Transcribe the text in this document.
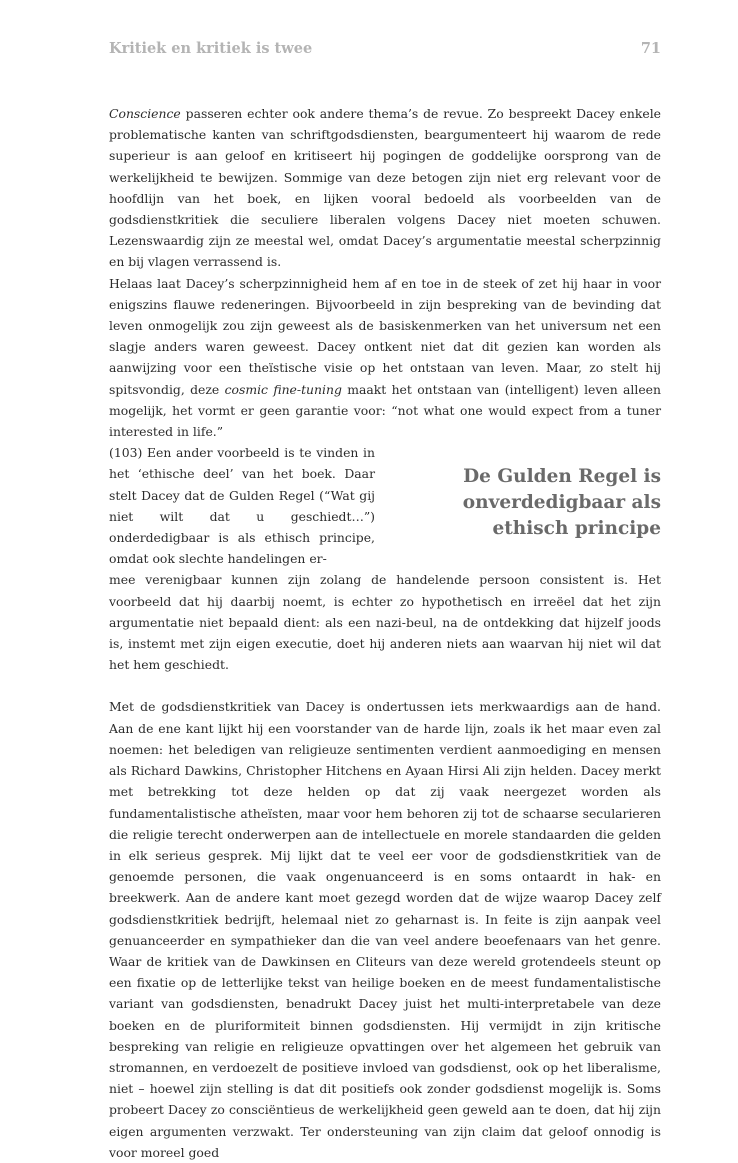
Kritiek en kritiek is twee	71

Conscience passeren echter ook andere thema’s de revue. Zo bespreekt Dacey enkele problematische kanten van schriftgodsdiensten, beargumenteert hij waarom de rede superieur is aan geloof en kritiseert hij pogingen de goddelijke oorsprong van de werkelijkheid te bewijzen. Sommige van deze betogen zijn niet erg relevant voor de hoofdlijn van het boek, en lijken vooral bedoeld als voorbeelden van de godsdienstkritiek die seculiere liberalen volgens Dacey niet moeten schuwen. Lezenswaardig zijn ze meestal wel, omdat Dacey’s argumentatie meestal scherpzinnig en bij vlagen verrassend is.

Helaas laat Dacey’s scherpzinnigheid hem af en toe in de steek of zet hij haar in voor enigszins flauwe redeneringen. Bijvoorbeeld in zijn bespreking van de bevinding dat leven onmogelijk zou zijn geweest als de basiskenmerken van het universum net een slagje anders waren geweest. Dacey ontkent niet dat dit gezien kan worden als aanwijzing voor een theïstische visie op het ontstaan van leven. Maar, zo stelt hij spitsvondig, deze cosmic fine-tuning maakt het ontstaan van (intelligent) leven alleen mogelijk, het vormt er geen garantie voor: “not what one would expect from a tuner interested in life.”

(103) Een ander voorbeeld is te vinden in het ‘ethische deel’ van het boek. Daar stelt Dacey dat de Gulden Regel (“Wat gij niet wilt dat u geschiedt…”) onderdedigbaar is als ethisch principe, omdat ook slechte handelingen er-

De Gulden Regel is onverdedigbaar als ethisch principe

mee verenigbaar kunnen zijn zolang de handelende persoon consistent is. Het voorbeeld dat hij daarbij noemt, is echter zo hypothetisch en irreëel dat het zijn argumentatie niet bepaald dient: als een nazi-beul, na de ontdekking dat hijzelf joods is, instemt met zijn eigen executie, doet hij anderen niets aan waarvan hij niet wil dat het hem geschiedt.

Met de godsdienstkritiek van Dacey is ondertussen iets merkwaardigs aan de hand. Aan de ene kant lijkt hij een voorstander van de harde lijn, zoals ik het maar even zal noemen: het beledigen van religieuze sentimenten verdient aanmoediging en mensen als Richard Dawkins, Christopher Hitchens en Ayaan Hirsi Ali zijn helden. Dacey merkt met betrekking tot deze helden op dat zij vaak neergezet worden als fundamentalistische atheïsten, maar voor hem behoren zij tot de schaarse secularieren die religie terecht onderwerpen aan de intellectuele en morele standaarden die gelden in elk serieus gesprek. Mij lijkt dat te veel eer voor de godsdienstkritiek van de genoemde personen, die vaak ongenuanceerd is en soms ontaardt in hak- en breekwerk. Aan de andere kant moet gezegd worden dat de wijze waarop Dacey zelf godsdienstkritiek bedrijft, helemaal niet zo geharnast is. In feite is zijn aanpak veel genuanceerder en sympathieker dan die van veel andere beoefenaars van het genre. Waar de kritiek van de Dawkinsen en Cliteurs van deze wereld grotendeels steunt op een fixatie op de letterlijke tekst van heilige boeken en de meest fundamentalistische variant van godsdiensten, benadrukt Dacey juist het multi-interpretabele van deze boeken en de pluriformiteit binnen godsdiensten. Hij vermijdt in zijn kritische bespreking van religie en religieuze opvattingen over het algemeen het gebruik van stromannen, en verdoezelt de positieve invloed van godsdienst, ook op het liberalisme, niet – hoewel zijn stelling is dat dit positiefs ook zonder godsdienst mogelijk is. Soms probeert Dacey zo consciëntieus de werkelijkheid geen geweld aan te doen, dat hij zijn eigen argumenten verzwakt. Ter ondersteuning van zijn claim dat geloof onnodig is voor moreel goed
